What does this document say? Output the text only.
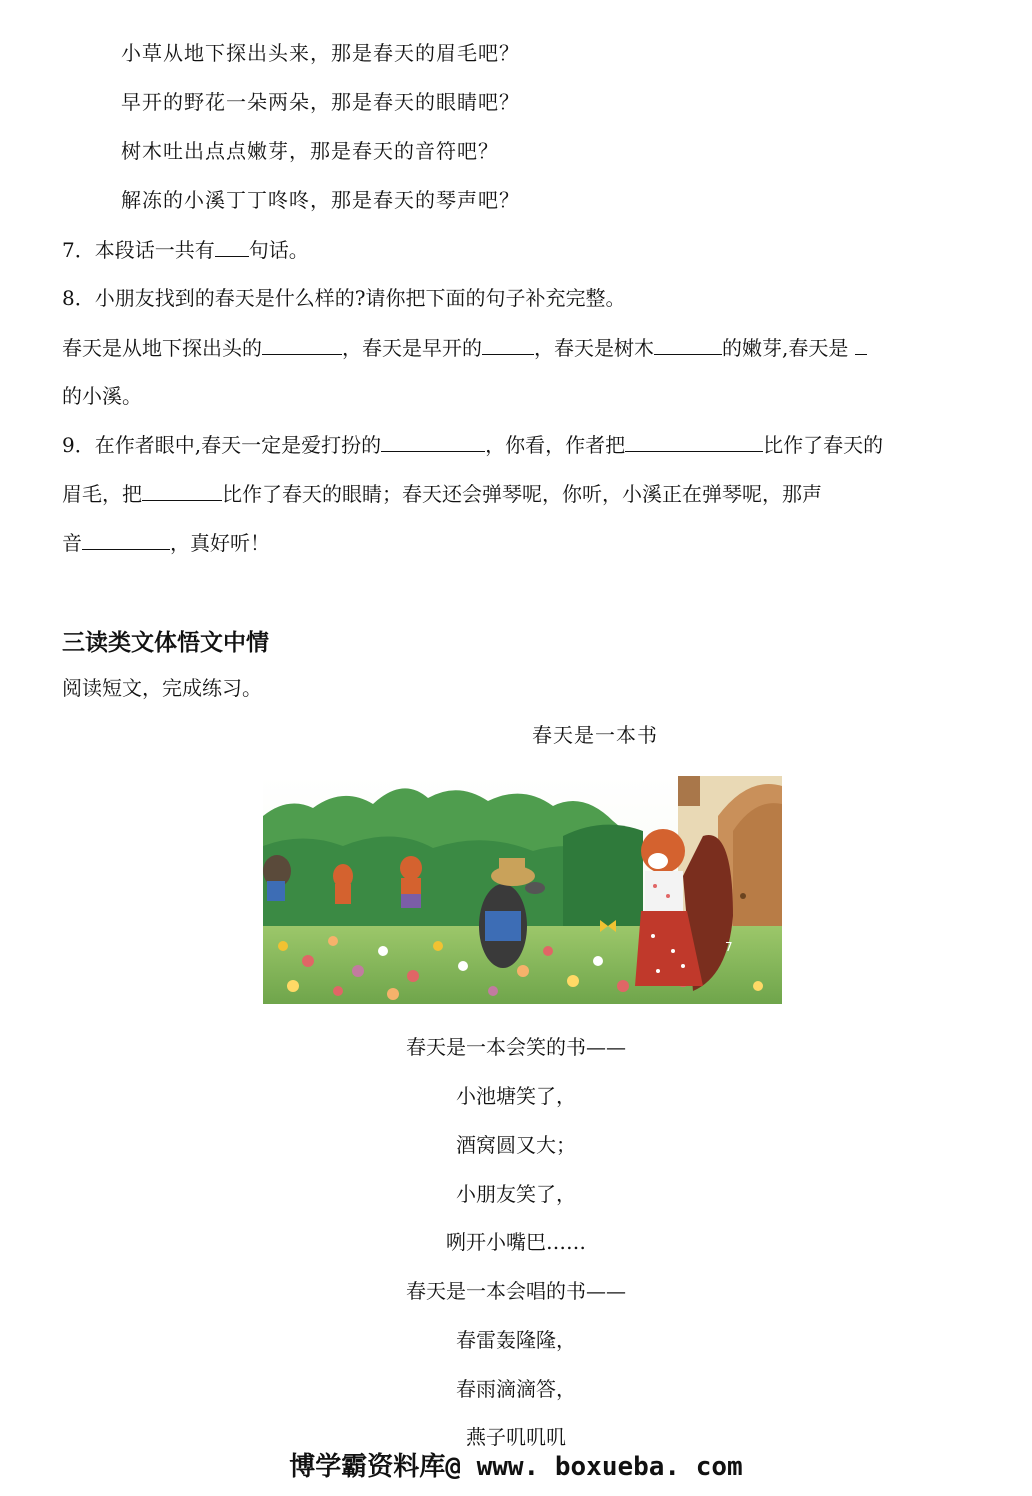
小草从地下探出头来，那是春天的眉毛吧？
早开的野花一朵两朵，那是春天的眼睛吧？
树木吐出点点嫩芽，那是春天的音符吧？
解冻的小溪丁丁咚咚，那是春天的琴声吧？
7．本段话一共有 句话。
8．小朋友找到的春天是什么样的?请你把下面的句子补充完整。
春天是从地下探出头的	，春天是早开的	，春天是树木	的嫩芽,春天是
的小溪。
9．在作者眼中,春天一定是爱打扮的	，你看，作者把	比作了春天的
眉毛，把	比作了春天的眼睛；春天还会弹琴呢，你听，小溪正在弹琴呢，那声
音	，真好听！
三读类文体悟文中情
阅读短文，完成练习。
春天是一本书
7
春天是一本会笑的书——
小池塘笑了，
酒窝圆又大；
小朋友笑了，
咧开小嘴巴……
春天是一本会唱的书——
春雷轰隆隆，
春雨滴滴答，
燕子叽叽叽
博学霸资料库@ www. boxueba. com
